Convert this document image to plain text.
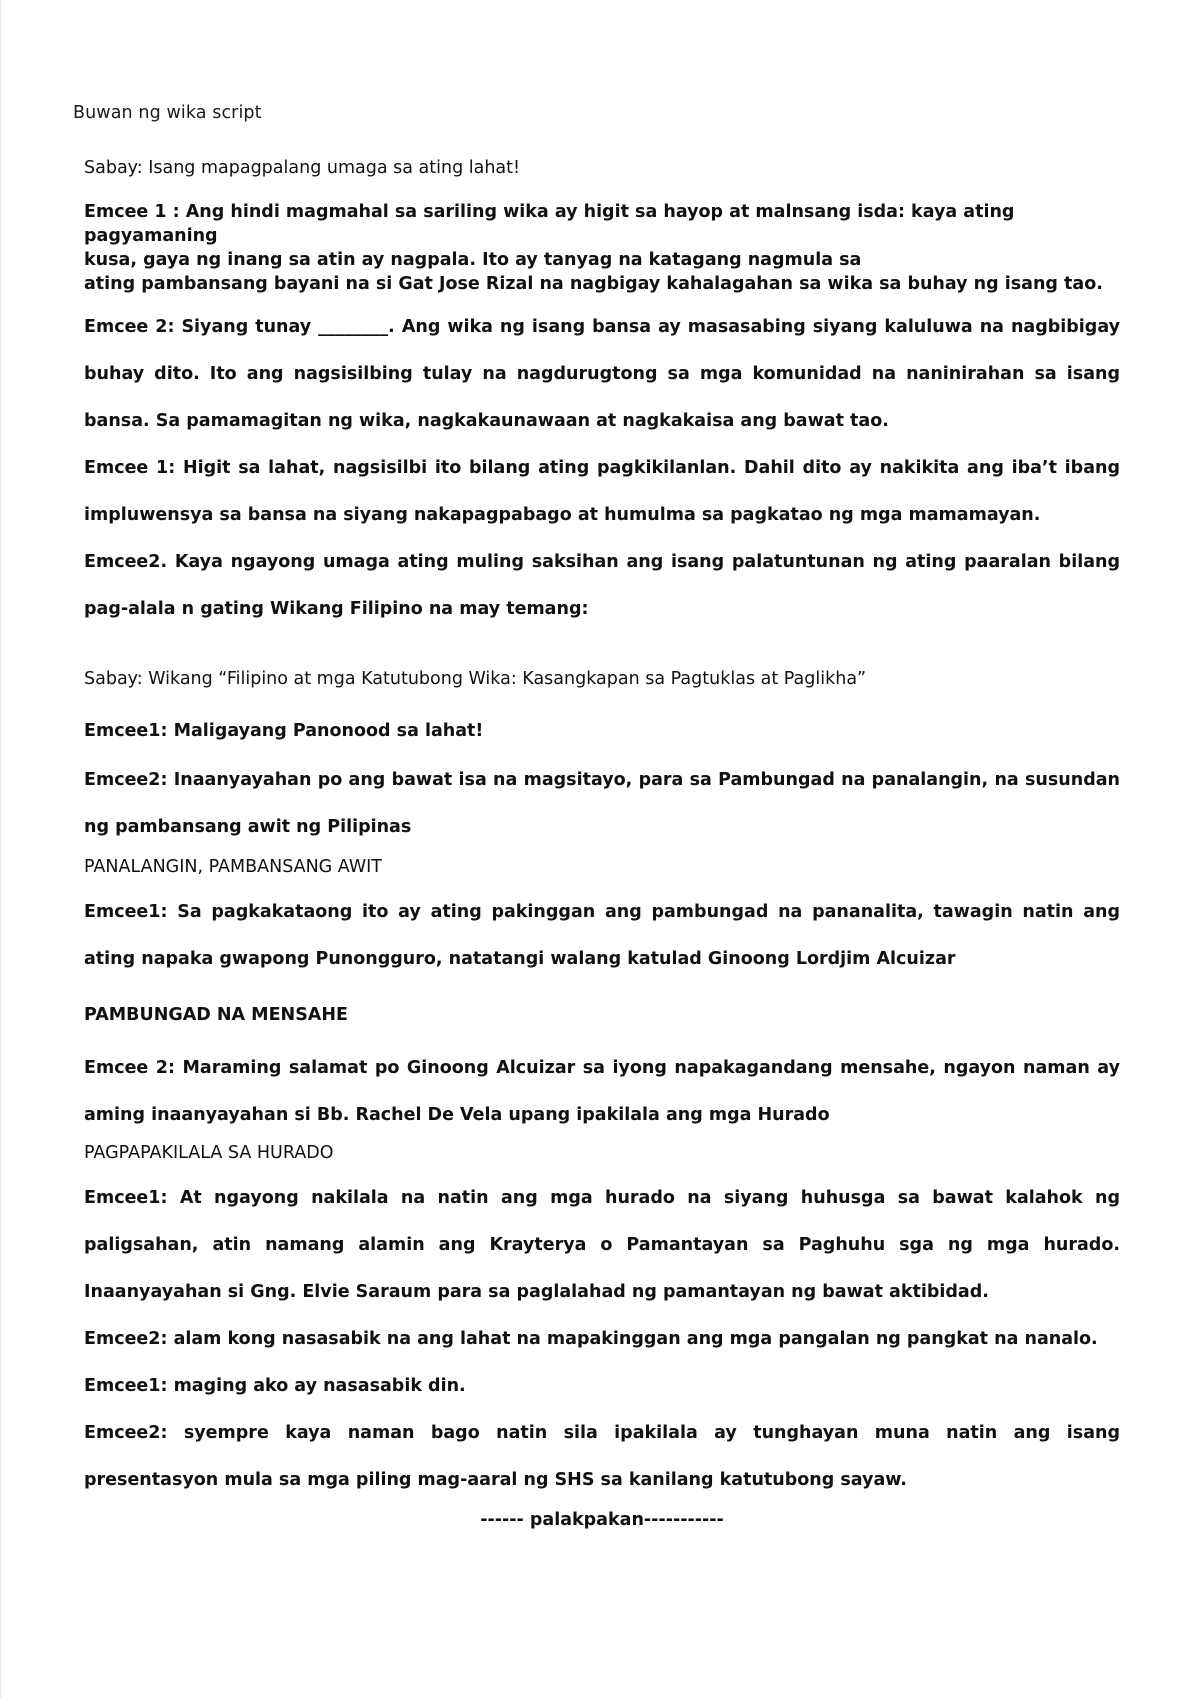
Buwan ng wika script

Sabay: Isang mapagpalang umaga sa ating lahat!

Emcee 1 : Ang hindi magmahal sa sariling wika ay higit sa hayop at malnsang isda: kaya ating pagyamaning
kusa, gaya ng inang sa atin ay nagpala. Ito ay tanyag na katagang nagmula sa
ating pambansang bayani na si Gat Jose Rizal na nagbigay kahalagahan sa wika sa buhay ng isang tao.

Emcee 2: Siyang tunay ________. Ang wika ng isang bansa ay masasabing siyang kaluluwa na nagbibigay buhay dito. Ito ang nagsisilbing tulay na nagdurugtong sa mga komunidad na naninirahan sa isang bansa. Sa pamamagitan ng wika, nagkakaunawaan at nagkakaisa ang bawat tao.

Emcee 1: Higit sa lahat, nagsisilbi ito bilang ating pagkikilanlan. Dahil dito ay nakikita ang iba’t ibang impluwensya sa bansa na siyang nakapagpabago at humulma sa pagkatao ng mga mamamayan.

Emcee2. Kaya ngayong umaga ating muling saksihan ang isang palatuntunan ng ating paaralan bilang pag-alala n gating Wikang Filipino na may temang:

Sabay: Wikang “Filipino at mga Katutubong Wika: Kasangkapan sa Pagtuklas at Paglikha”

Emcee1: Maligayang Panonood sa lahat!

Emcee2: Inaanyayahan po ang bawat isa na magsitayo, para sa Pambungad na panalangin, na susundan ng pambansang awit ng Pilipinas

PANALANGIN, PAMBANSANG AWIT

Emcee1: Sa pagkakataong ito ay ating pakinggan ang pambungad na pananalita, tawagin natin ang ating napaka gwapong Punongguro, natatangi walang katulad Ginoong Lordjim Alcuizar

PAMBUNGAD NA MENSAHE

Emcee 2: Maraming salamat po Ginoong Alcuizar sa iyong napakagandang mensahe, ngayon naman ay aming inaanyayahan si Bb. Rachel De Vela upang ipakilala ang mga Hurado

PAGPAPAKILALA SA HURADO

Emcee1: At ngayong nakilala na natin ang mga hurado na siyang huhusga sa bawat kalahok ng paligsahan, atin namang alamin ang Krayterya o Pamantayan sa Paghuhu sga ng mga hurado. Inaanyayahan si Gng. Elvie Saraum para sa paglalahad ng pamantayan ng bawat aktibidad.

Emcee2: alam kong nasasabik na ang lahat na mapakinggan ang mga pangalan ng pangkat na nanalo.

Emcee1: maging ako ay nasasabik din.

Emcee2: syempre kaya naman bago natin sila ipakilala ay tunghayan muna natin ang isang presentasyon mula sa mga piling mag-aaral ng SHS sa kanilang katutubong sayaw.

------ palakpakan-----------
